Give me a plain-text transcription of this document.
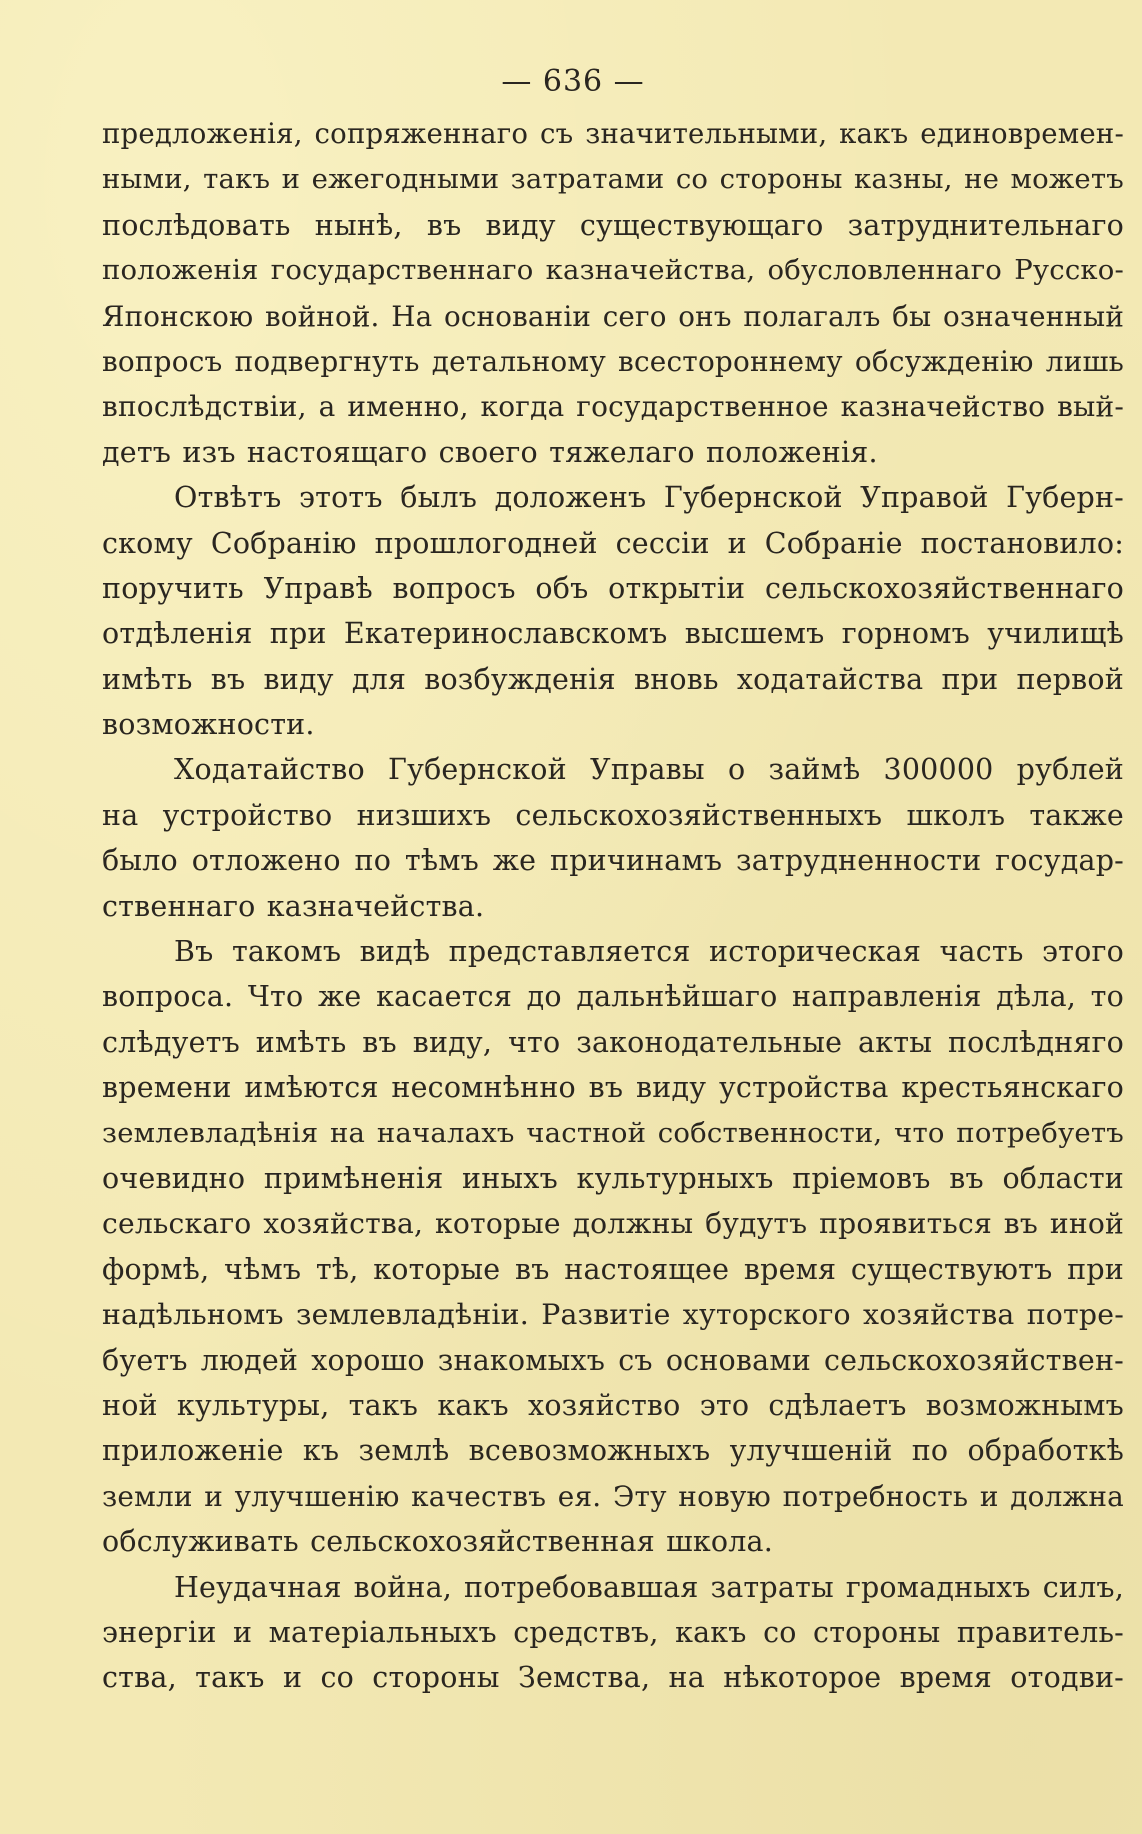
— 636 —
предложенія, сопряженнаго съ значительными, какъ единовремен-
ными, такъ и ежегодными затратами со стороны казны, не можетъ
послѣдовать нынѣ, въ виду существующаго затруднительнаго
положенія государственнаго казначейства, обусловленнаго Русско-
Японскою войной. На основаніи сего онъ полагалъ бы означенный
вопросъ подвергнуть детальному всестороннему обсужденію лишь
впослѣдствіи, а именно, когда государственное казначейство вый-
детъ изъ настоящаго своего тяжелаго положенія.
Отвѣтъ этотъ былъ доложенъ Губернской Управой Губерн-
скому Собранію прошлогодней сессіи и Собраніе постановило:
поручить Управѣ вопросъ объ открытіи сельскохозяйственнаго
отдѣленія при Екатеринославскомъ высшемъ горномъ училищѣ
имѣть въ виду для возбужденія вновь ходатайства при первой
возможности.
Ходатайство Губернской Управы о займѣ 300000 рублей
на устройство низшихъ сельскохозяйственныхъ школъ также
было отложено по тѣмъ же причинамъ затрудненности государ-
ственнаго казначейства.
Въ такомъ видѣ представляется историческая часть этого
вопроса. Что же касается до дальнѣйшаго направленія дѣла, то
слѣдуетъ имѣть въ виду, что законодательные акты послѣдняго
времени имѣются несомнѣнно въ виду устройства крестьянскаго
землевладѣнія на началахъ частной собственности, что потребуетъ
очевидно примѣненія иныхъ культурныхъ пріемовъ въ области
сельскаго хозяйства, которые должны будутъ проявиться въ иной
формѣ, чѣмъ тѣ, которые въ настоящее время существуютъ при
надѣльномъ землевладѣніи. Развитіе хуторского хозяйства потре-
буетъ людей хорошо знакомыхъ съ основами сельскохозяйствен-
ной культуры, такъ какъ хозяйство это сдѣлаетъ возможнымъ
приложеніе къ землѣ всевозможныхъ улучшеній по обработкѣ
земли и улучшенію качествъ ея. Эту новую потребность и должна
обслуживать сельскохозяйственная школа.
Неудачная война, потребовавшая затраты громадныхъ силъ,
энергіи и матеріальныхъ средствъ, какъ со стороны правитель-
ства, такъ и со стороны Земства, на нѣкоторое время отодви-
